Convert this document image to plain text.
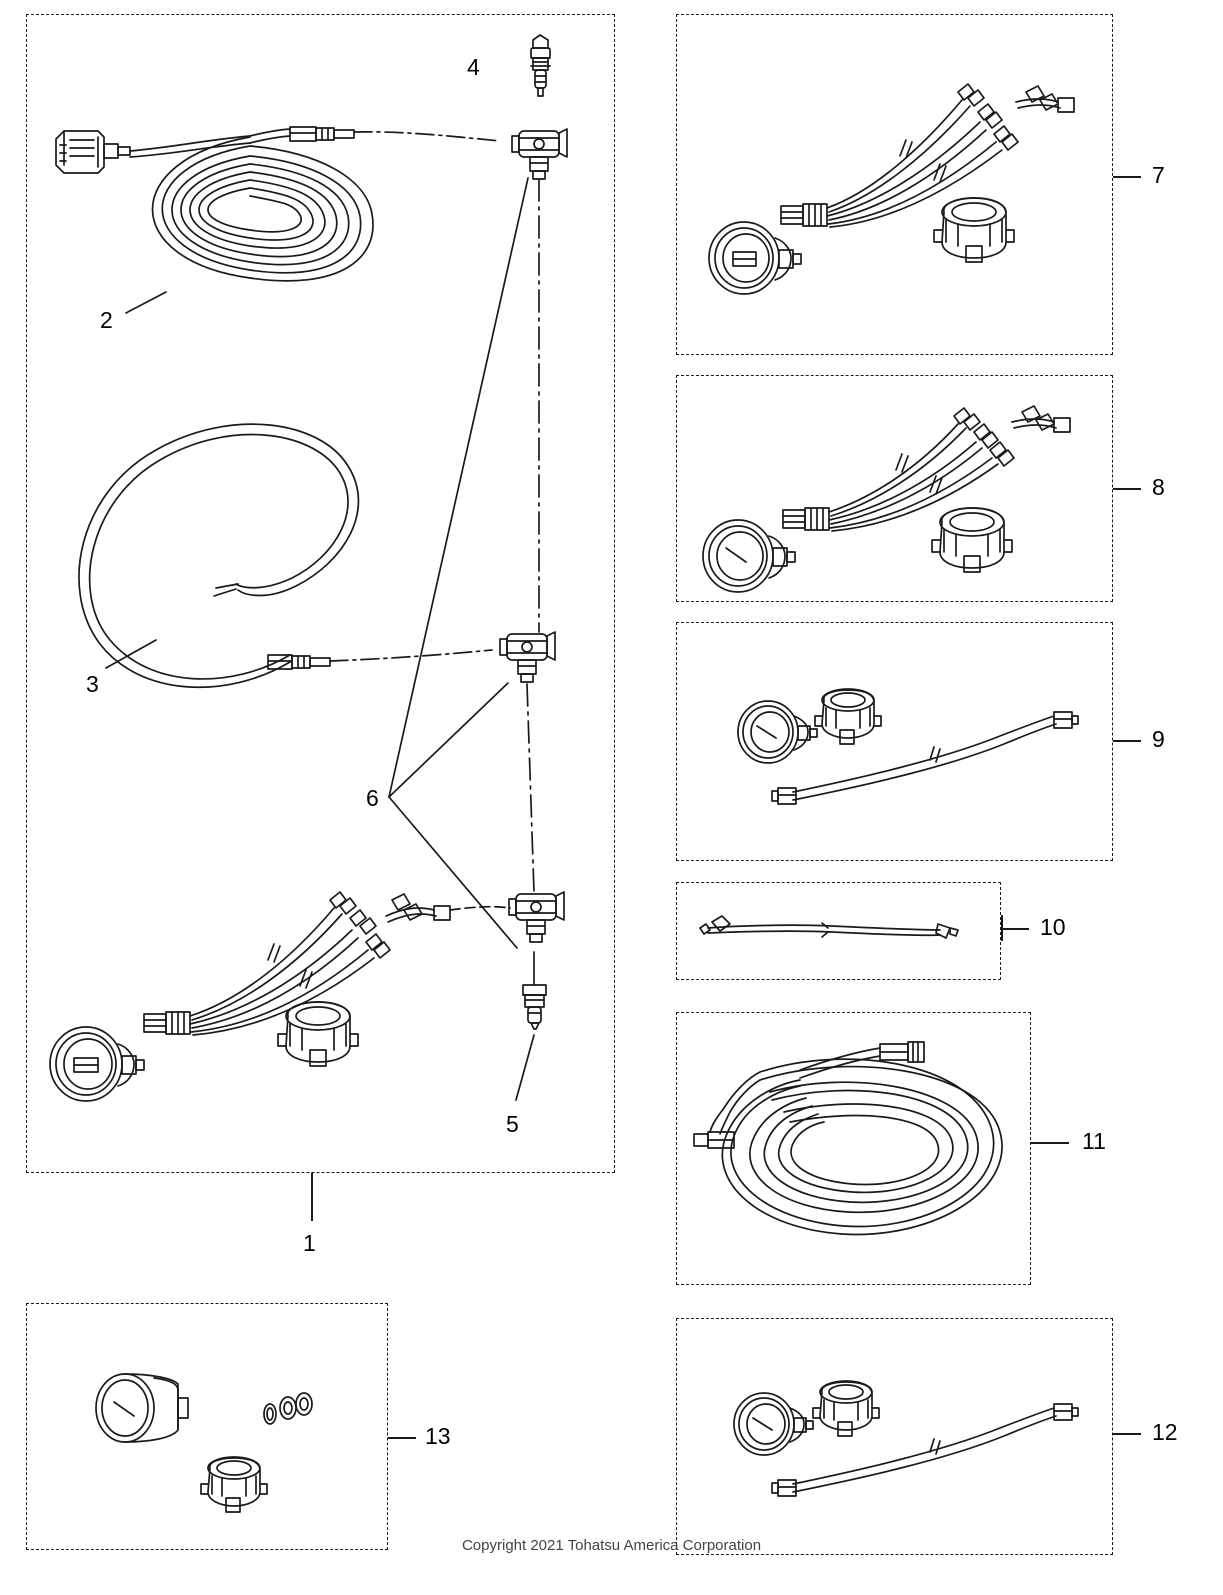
1
2
3
4
5
6
7
8
9
10
11
12
13
Copyright 2021 Tohatsu America Corporation
